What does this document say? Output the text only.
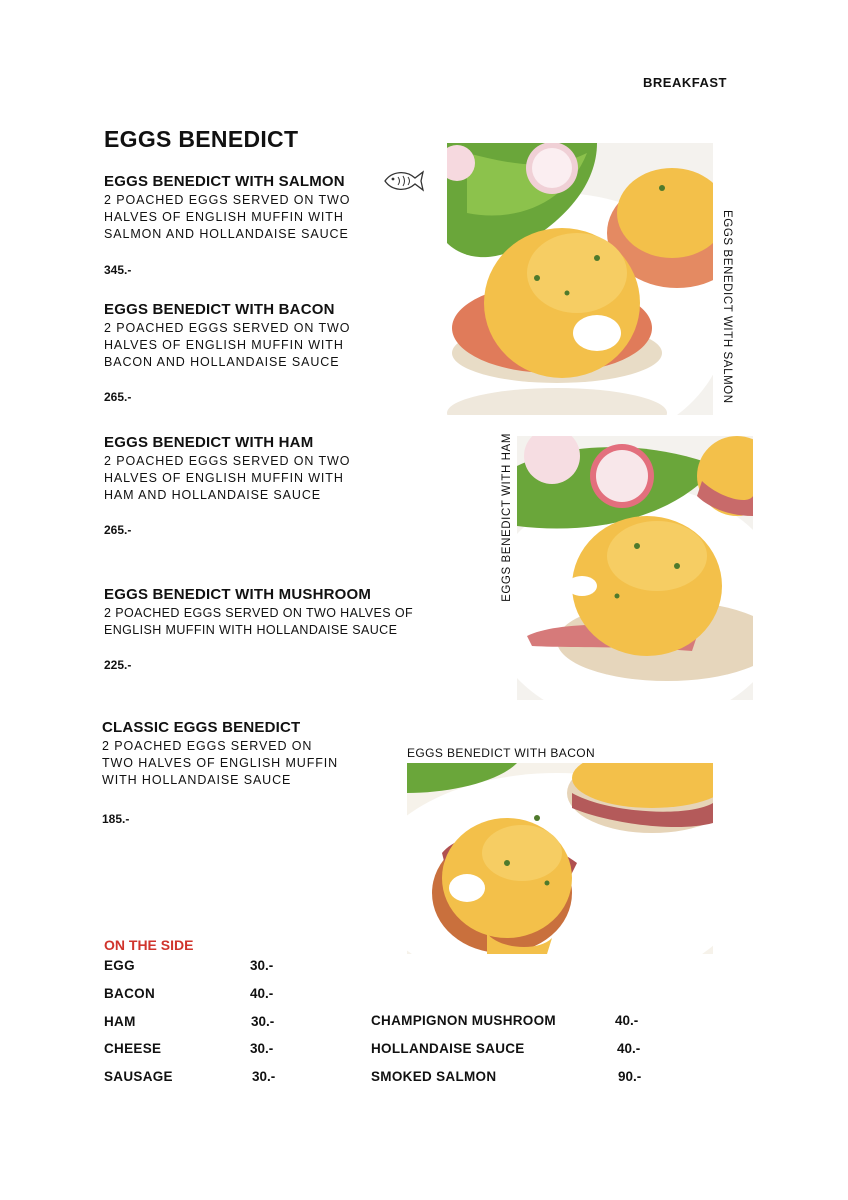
BREAKFAST
EGGS BENEDICT
EGGS BENEDICT WITH SALMON
2 POACHED EGGS SERVED ON TWO
HALVES OF ENGLISH MUFFIN WITH
SALMON AND HOLLANDAISE SAUCE
345.-
EGGS BENEDICT WITH BACON
2 POACHED EGGS SERVED ON TWO
HALVES OF ENGLISH MUFFIN WITH
BACON AND HOLLANDAISE SAUCE
265.-
EGGS BENEDICT WITH HAM
2 POACHED EGGS SERVED ON TWO
HALVES OF ENGLISH MUFFIN WITH
HAM AND HOLLANDAISE SAUCE
265.-
EGGS BENEDICT WITH MUSHROOM
2 POACHED EGGS SERVED ON TWO HALVES OF
ENGLISH MUFFIN WITH HOLLANDAISE SAUCE
225.-
CLASSIC EGGS BENEDICT
2 POACHED EGGS SERVED ON
TWO HALVES OF ENGLISH MUFFIN
WITH HOLLANDAISE SAUCE
185.-
EGGS BENEDICT WITH SALMON
EGGS BENEDICT WITH HAM
EGGS BENEDICT WITH BACON
ON THE SIDE
EGG	30.-
BACON	40.-
HAM	30.-
CHEESE	30.-
SAUSAGE	30.-
CHAMPIGNON MUSHROOM	40.-
HOLLANDAISE SAUCE	40.-
SMOKED SALMON	90.-
